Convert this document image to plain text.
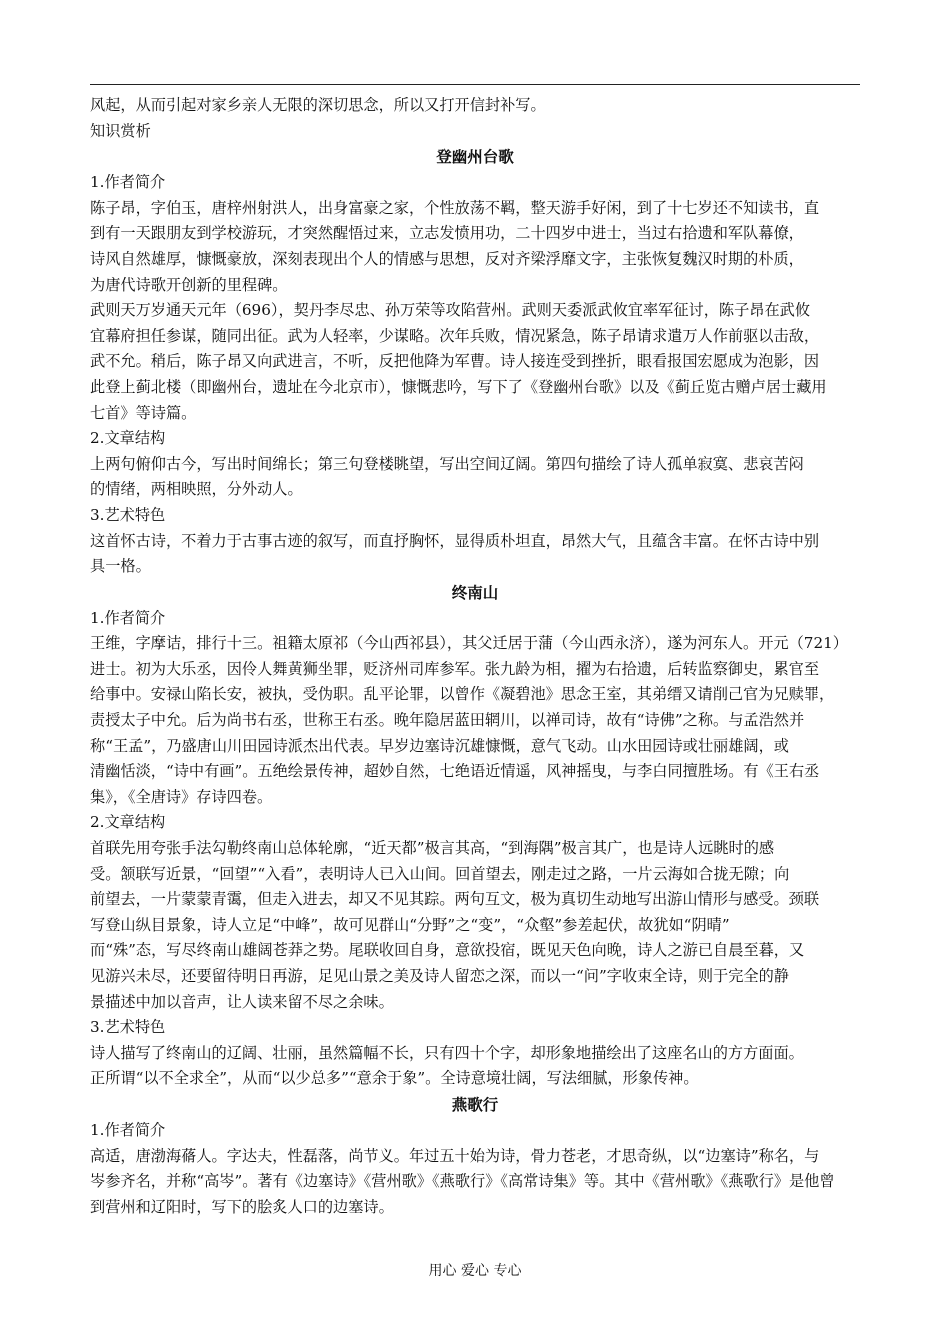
风起，从而引起对家乡亲人无限的深切思念，所以又打开信封补写。

知识赏析

登幽州台歌

1.作者简介

陈子昂，字伯玉，唐梓州射洪人，出身富豪之家，个性放荡不羁，整天游手好闲，到了十七岁还不知读书，直

到有一天跟朋友到学校游玩，才突然醒悟过来，立志发愤用功，二十四岁中进士，当过右拾遗和军队幕僚，

诗风自然雄厚，慷慨豪放，深刻表现出个人的情感与思想，反对齐梁浮靡文字，主张恢复魏汉时期的朴质，

为唐代诗歌开创新的里程碑。

武则天万岁通天元年（696），契丹李尽忠、孙万荣等攻陷营州。武则天委派武攸宜率军征讨，陈子昂在武攸

宜幕府担任参谋，随同出征。武为人轻率，少谋略。次年兵败，情况紧急，陈子昂请求遣万人作前驱以击敌，

武不允。稍后，陈子昂又向武进言，不听，反把他降为军曹。诗人接连受到挫折，眼看报国宏愿成为泡影，因

此登上蓟北楼（即幽州台，遗址在今北京市），慷慨悲吟，写下了《登幽州台歌》以及《蓟丘览古赠卢居士藏用

七首》等诗篇。

2.文章结构

上两句俯仰古今，写出时间绵长；第三句登楼眺望，写出空间辽阔。第四句描绘了诗人孤单寂寞、悲哀苦闷

的情绪，两相映照，分外动人。

3.艺术特色

这首怀古诗，不着力于古事古迹的叙写，而直抒胸怀，显得质朴坦直，昂然大气，且蕴含丰富。在怀古诗中别

具一格。

终南山

1.作者简介

王维，字摩诘，排行十三。祖籍太原祁（今山西祁县），其父迁居于蒲（今山西永济），遂为河东人。开元（721）

进士。初为大乐丞，因伶人舞黄狮坐罪，贬济州司库参军。张九龄为相，擢为右拾遗，后转监察御史，累官至

给事中。安禄山陷长安，被执，受伪职。乱平论罪，以曾作《凝碧池》思念王室，其弟缙又请削己官为兄赎罪，

责授太子中允。后为尚书右丞，世称王右丞。晚年隐居蓝田辋川，以禅司诗，故有“诗佛”之称。与孟浩然并

称“王孟”，乃盛唐山川田园诗派杰出代表。早岁边塞诗沉雄慷慨，意气飞动。山水田园诗或壮丽雄阔，或

清幽恬淡，“诗中有画”。五绝绘景传神，超妙自然，七绝语近情遥，风神摇曳，与李白同擅胜场。有《王右丞

集》，《全唐诗》存诗四卷。

2.文章结构

首联先用夸张手法勾勒终南山总体轮廓，“近天都”极言其高，“到海隅”极言其广，也是诗人远眺时的感

受。颔联写近景，“回望”“入看”，表明诗人已入山间。回首望去，刚走过之路，一片云海如合拢无隙；向

前望去，一片蒙蒙青霭，但走入进去，却又不见其踪。两句互文，极为真切生动地写出游山情形与感受。颈联

写登山纵目景象，诗人立足“中峰”，故可见群山“分野”之“变”，“众壑”参差起伏，故犹如“阴晴”

而“殊”态，写尽终南山雄阔苍莽之势。尾联收回自身，意欲投宿，既见天色向晚，诗人之游已自晨至暮，又

见游兴未尽，还要留待明日再游，足见山景之美及诗人留恋之深，而以一“问”字收束全诗，则于完全的静

景描述中加以音声，让人读来留不尽之余味。

3.艺术特色

诗人描写了终南山的辽阔、壮丽，虽然篇幅不长，只有四十个字，却形象地描绘出了这座名山的方方面面。

正所谓“以不全求全”，从而“以少总多”“意余于象”。全诗意境壮阔，写法细腻，形象传神。

燕歌行

1.作者简介

高适，唐渤海蓨人。字达夫，性磊落，尚节义。年过五十始为诗，骨力苍老，才思奇纵，以“边塞诗”称名，与

岑参齐名，并称“高岑”。著有《边塞诗》《营州歌》《燕歌行》《高常诗集》等。其中《营州歌》《燕歌行》是他曾

到营州和辽阳时，写下的脍炙人口的边塞诗。

用心 爱心 专心
